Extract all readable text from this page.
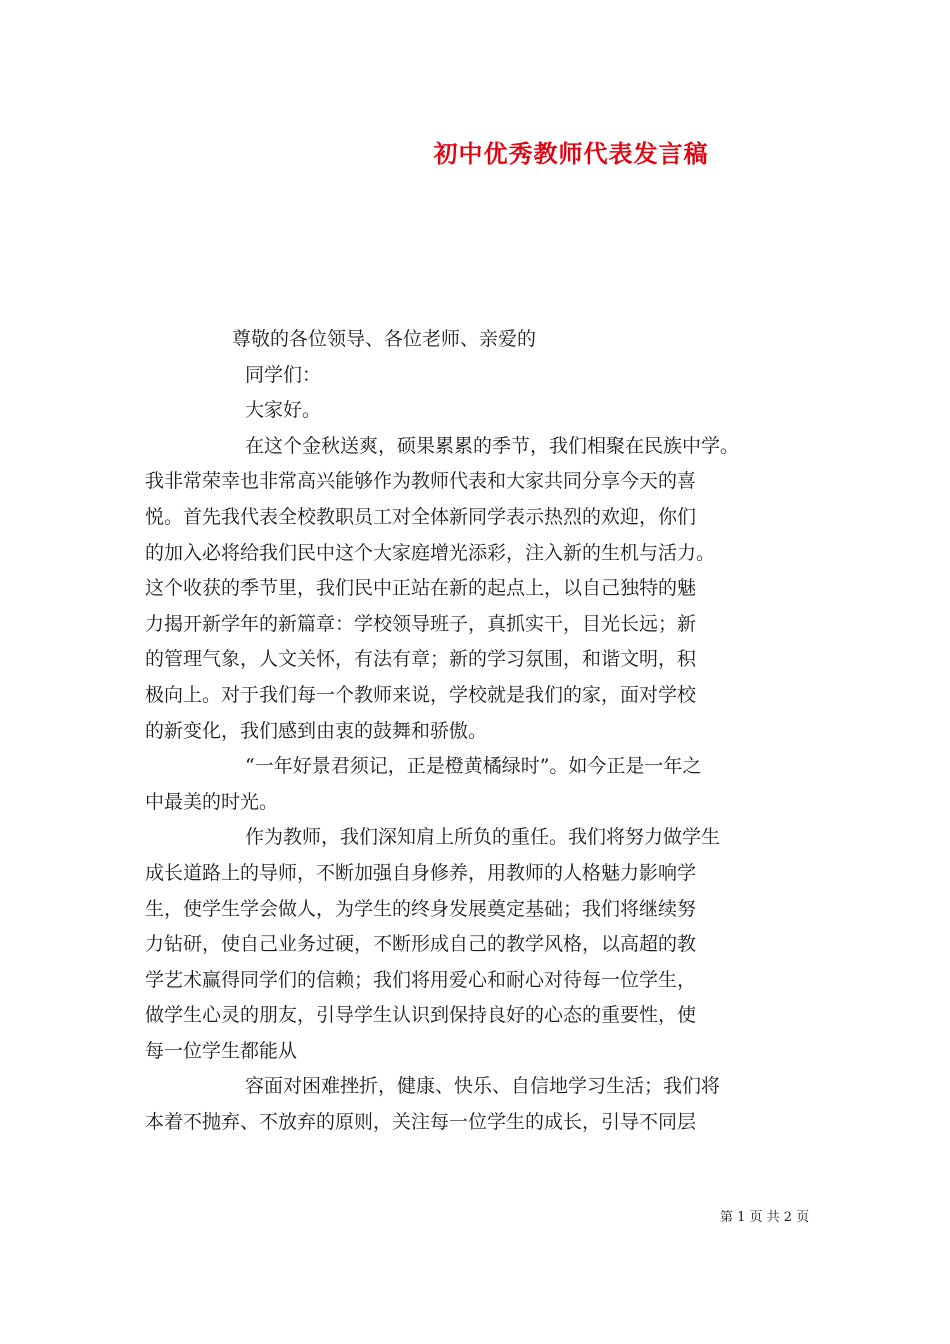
初中优秀教师代表发言稿
尊敬的各位领导、各位老师、亲爱的
同学们：
大家好。
在这个金秋送爽，硕果累累的季节，我们相聚在民族中学。
我非常荣幸也非常高兴能够作为教师代表和大家共同分享今天的喜
悦。首先我代表全校教职员工对全体新同学表示热烈的欢迎，你们
的加入必将给我们民中这个大家庭增光添彩，注入新的生机与活力。
这个收获的季节里，我们民中正站在新的起点上，以自己独特的魅
力揭开新学年的新篇章：学校领导班子，真抓实干，目光长远；新
的管理气象，人文关怀，有法有章；新的学习氛围，和谐文明，积
极向上。对于我们每一个教师来说，学校就是我们的家，面对学校
的新变化，我们感到由衷的鼓舞和骄傲。
“一年好景君须记，正是橙黄橘绿时”。如今正是一年之
中最美的时光。
作为教师，我们深知肩上所负的重任。我们将努力做学生
成长道路上的导师，不断加强自身修养，用教师的人格魅力影响学
生，使学生学会做人，为学生的终身发展奠定基础；我们将继续努
力钻研，使自己业务过硬，不断形成自己的教学风格，以高超的教
学艺术赢得同学们的信赖；我们将用爱心和耐心对待每一位学生，
做学生心灵的朋友，引导学生认识到保持良好的心态的重要性，使
每一位学生都能从
容面对困难挫折，健康、快乐、自信地学习生活；我们将
本着不抛弃、不放弃的原则，关注每一位学生的成长，引导不同层
第 1 页 共 2 页
